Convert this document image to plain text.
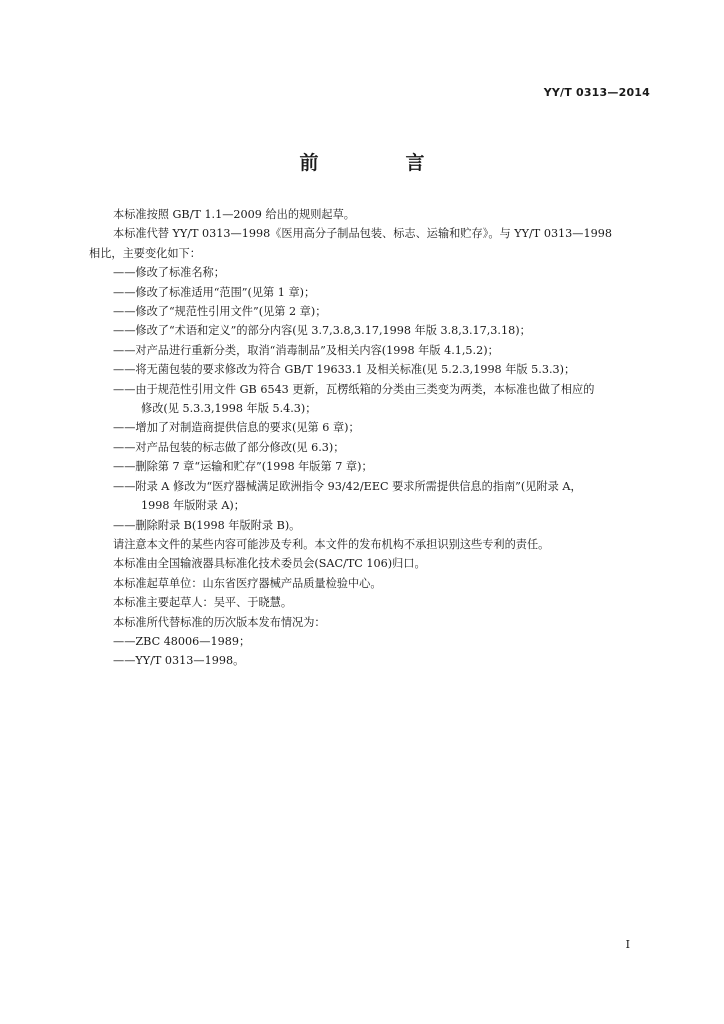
YY/T 0313—2014
前　言
本标准按照 GB/T 1.1—2009 给出的规则起草。
本标准代替 YY/T 0313—1998《医用高分子制品包装、标志、运输和贮存》。与 YY/T 0313—1998
相比，主要变化如下：
——修改了标准名称；
——修改了标准适用“范围”(见第 1 章)；
——修改了“规范性引用文件”(见第 2 章)；
——修改了“术语和定义”的部分内容(见 3.7,3.8,3.17,1998 年版 3.8,3.17,3.18)；
——对产品进行重新分类，取消“消毒制品”及相关内容(1998 年版 4.1,5.2)；
——将无菌包装的要求修改为符合 GB/T 19633.1 及相关标准(见 5.2.3,1998 年版 5.3.3)；
——由于规范性引用文件 GB 6543 更新，瓦楞纸箱的分类由三类变为两类，本标准也做了相应的
修改(见 5.3.3,1998 年版 5.4.3)；
——增加了对制造商提供信息的要求(见第 6 章)；
——对产品包装的标志做了部分修改(见 6.3)；
——删除第 7 章“运输和贮存”(1998 年版第 7 章)；
——附录 A 修改为“医疗器械满足欧洲指令 93/42/EEC 要求所需提供信息的指南”(见附录 A，
1998 年版附录 A)；
——删除附录 B(1998 年版附录 B)。
请注意本文件的某些内容可能涉及专利。本文件的发布机构不承担识别这些专利的责任。
本标准由全国输液器具标准化技术委员会(SAC/TC 106)归口。
本标准起草单位：山东省医疗器械产品质量检验中心。
本标准主要起草人：吴平、于晓慧。
本标准所代替标准的历次版本发布情况为：
——ZBC 48006—1989；
——YY/T 0313—1998。
I
